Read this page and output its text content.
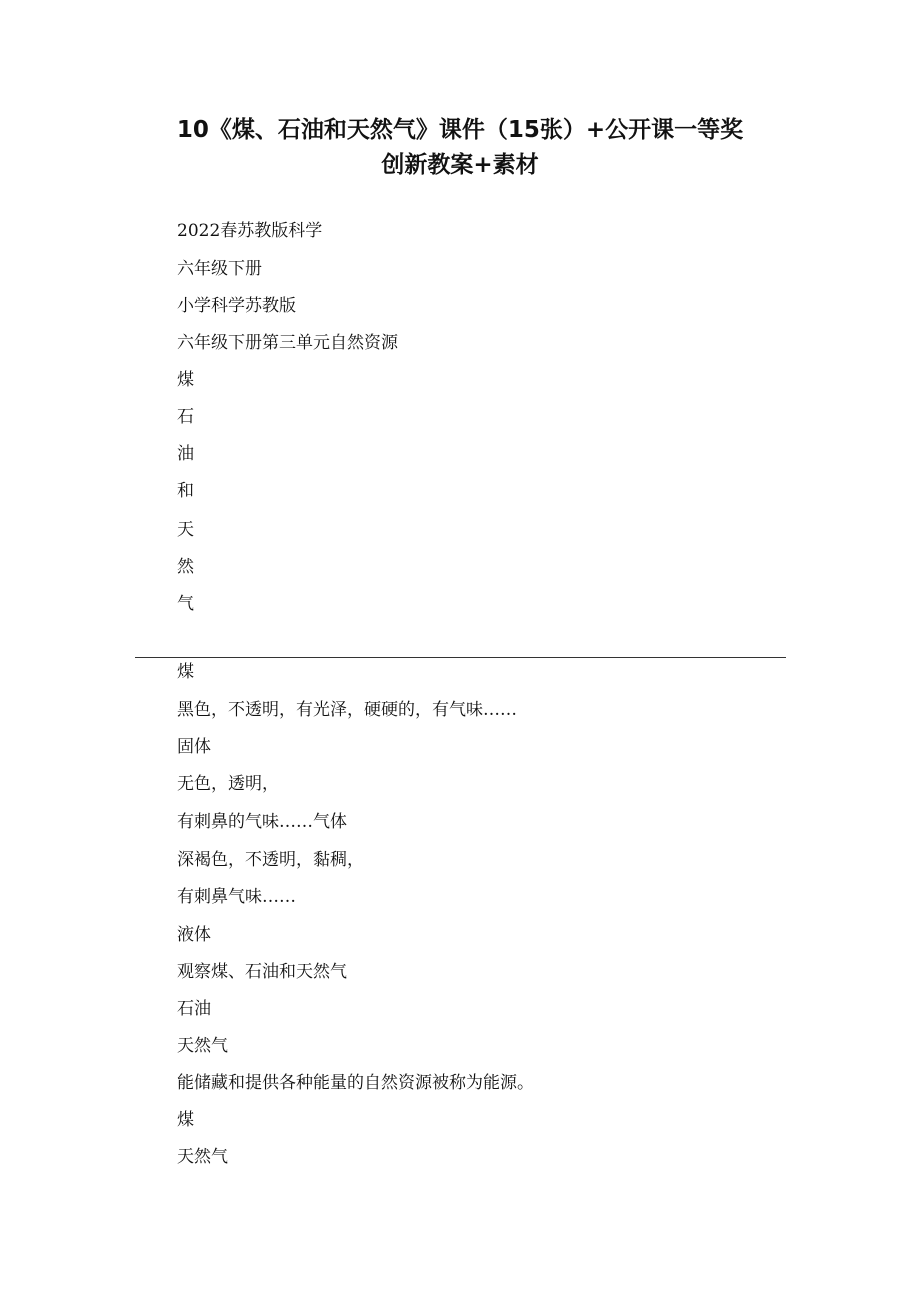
10《煤、石油和天然气》课件（15张）+公开课一等奖
创新教案+素材
2022春苏教版科学
六年级下册
小学科学苏教版
六年级下册第三单元自然资源
煤
石
油
和
天
然
气
煤
黑色，不透明，有光泽，硬硬的，有气味……
固体
无色，透明，
有刺鼻的气味……气体
深褐色，不透明，黏稠，
有刺鼻气味……
液体
观察煤、石油和天然气
石油
天然气
能储藏和提供各种能量的自然资源被称为能源。
煤
天然气
